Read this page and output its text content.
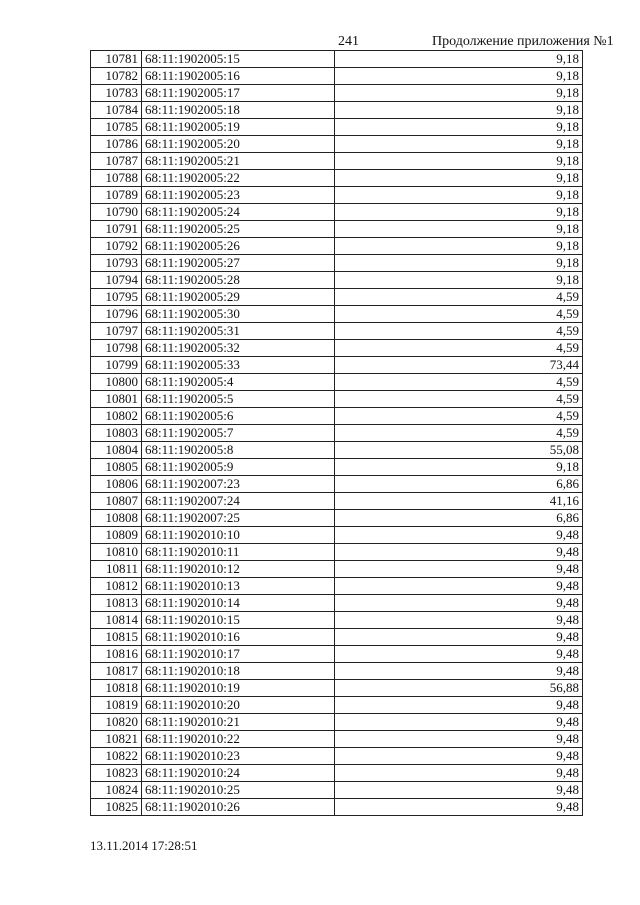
241	Продолжение приложения №1
10781	68:11:1902005:15	9,18
10782	68:11:1902005:16	9,18
10783	68:11:1902005:17	9,18
10784	68:11:1902005:18	9,18
10785	68:11:1902005:19	9,18
10786	68:11:1902005:20	9,18
10787	68:11:1902005:21	9,18
10788	68:11:1902005:22	9,18
10789	68:11:1902005:23	9,18
10790	68:11:1902005:24	9,18
10791	68:11:1902005:25	9,18
10792	68:11:1902005:26	9,18
10793	68:11:1902005:27	9,18
10794	68:11:1902005:28	9,18
10795	68:11:1902005:29	4,59
10796	68:11:1902005:30	4,59
10797	68:11:1902005:31	4,59
10798	68:11:1902005:32	4,59
10799	68:11:1902005:33	73,44
10800	68:11:1902005:4	4,59
10801	68:11:1902005:5	4,59
10802	68:11:1902005:6	4,59
10803	68:11:1902005:7	4,59
10804	68:11:1902005:8	55,08
10805	68:11:1902005:9	9,18
10806	68:11:1902007:23	6,86
10807	68:11:1902007:24	41,16
10808	68:11:1902007:25	6,86
10809	68:11:1902010:10	9,48
10810	68:11:1902010:11	9,48
10811	68:11:1902010:12	9,48
10812	68:11:1902010:13	9,48
10813	68:11:1902010:14	9,48
10814	68:11:1902010:15	9,48
10815	68:11:1902010:16	9,48
10816	68:11:1902010:17	9,48
10817	68:11:1902010:18	9,48
10818	68:11:1902010:19	56,88
10819	68:11:1902010:20	9,48
10820	68:11:1902010:21	9,48
10821	68:11:1902010:22	9,48
10822	68:11:1902010:23	9,48
10823	68:11:1902010:24	9,48
10824	68:11:1902010:25	9,48
10825	68:11:1902010:26	9,48
13.11.2014 17:28:51
